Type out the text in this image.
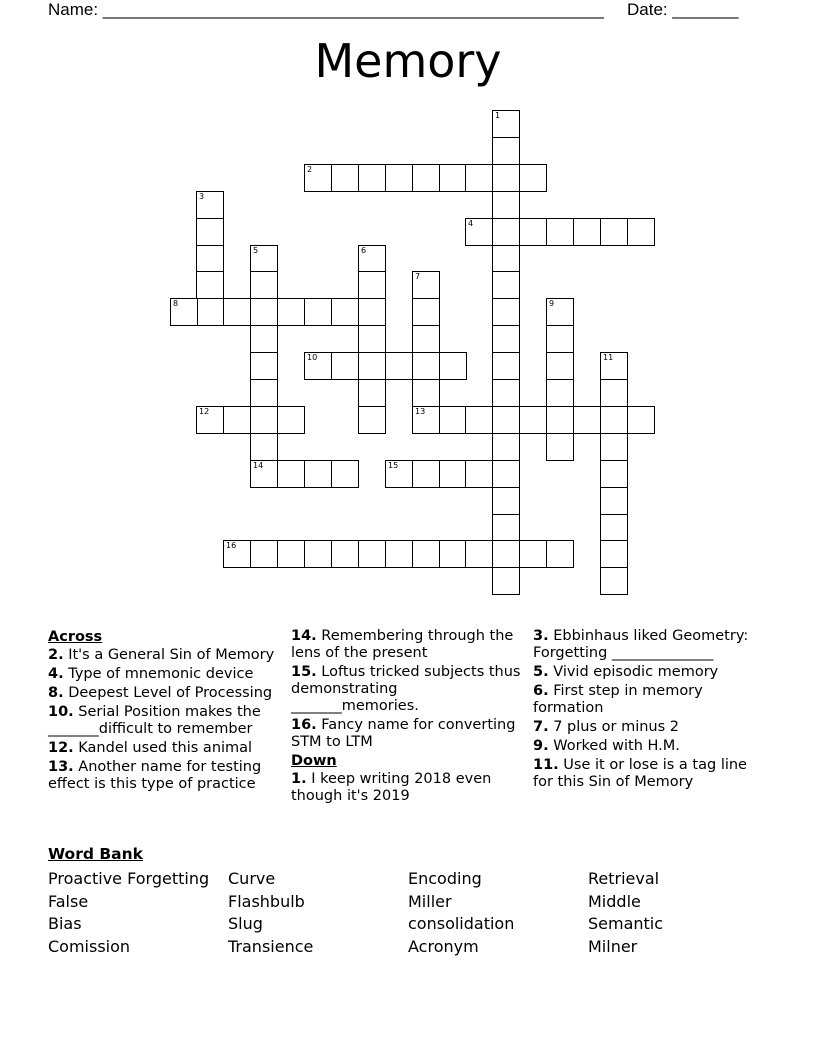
Name: _____________________________________________________ Date: _______
Memory
1
2
3
4
5	6
7
8	9
10	11
12	13
14	15
16
Across
2. It's a General Sin of Memory
4. Type of mnemonic device
8. Deepest Level of Processing
10. Serial Position makes the _______difficult to remember
12. Kandel used this animal
13. Another name for testing effect is this type of practice
14. Remembering through the lens of the present
15. Loftus tricked subjects thus demonstrating _______memories.
16. Fancy name for converting STM to LTM
Down
1. I keep writing 2018 even though it's 2019
3. Ebbinhaus liked Geometry: Forgetting ______________
5. Vivid episodic memory
6. First step in memory formation
7. 7 plus or minus 2
9. Worked with H.M.
11. Use it or lose is a tag line for this Sin of Memory
Word Bank
Proactive Forgetting
False
Bias
Comission
Curve
Flashbulb
Slug
Transience
Encoding
Miller
consolidation
Acronym
Retrieval
Middle
Semantic
Milner
